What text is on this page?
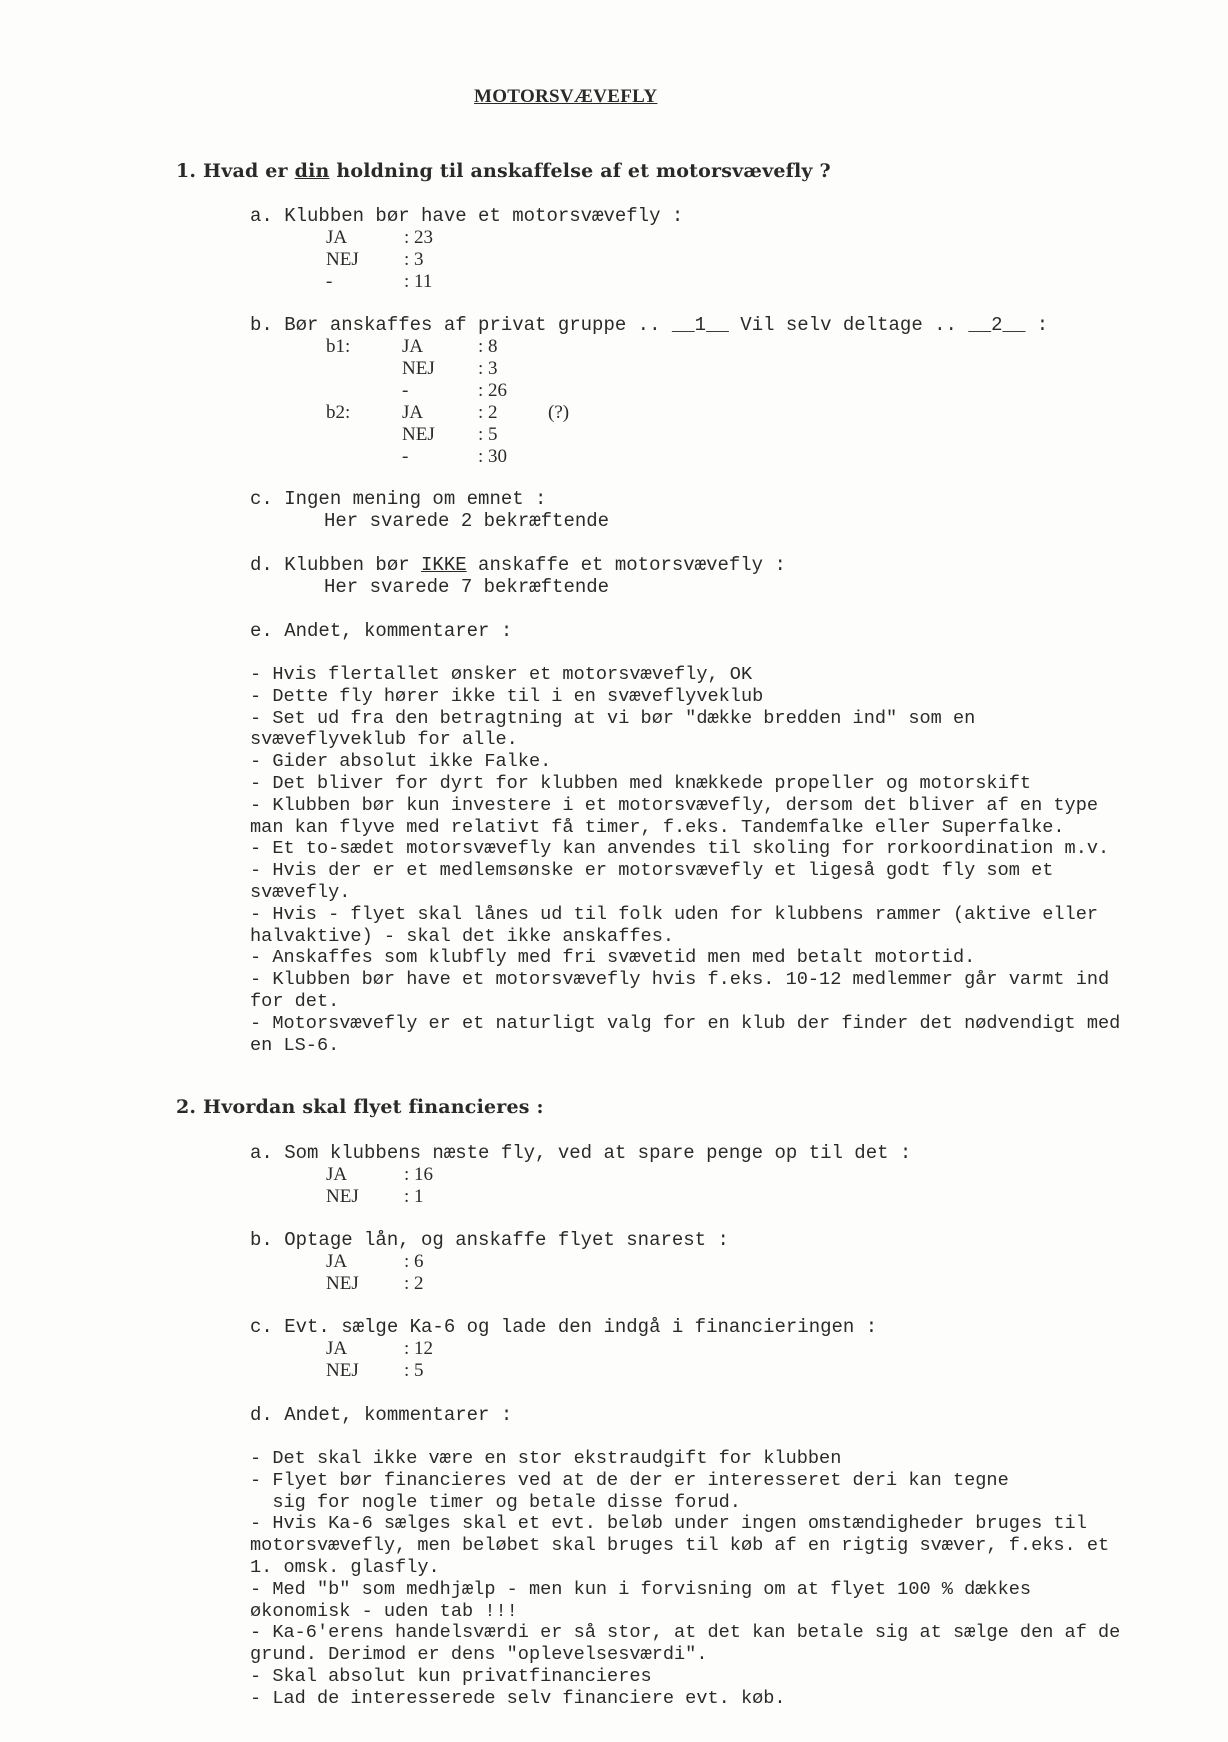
MOTORSVÆVEFLY
1. Hvad er din holdning til anskaffelse af et motorsvævefly ?
a. Klubben bør have et motorsvævefly :
JA	: 23
NEJ : 3
-	: 11
b. Bør anskaffes af privat gruppe .. __1__ Vil selv deltage .. __2__ :
b1:	JA	: 8
NEJ : 3
-	: 26
b2:	JA	: 2	(?)
NEJ : 5
-	: 30
c. Ingen mening om emnet :
Her svarede 2 bekræftende
d. Klubben bør IKKE anskaffe et motorsvævefly :
Her svarede 7 bekræftende
e. Andet, kommentarer :
- Hvis flertallet ønsker et motorsvævefly, OK
- Dette fly hører ikke til i en svæveflyveklub
- Set ud fra den betragtning at vi bør "dække bredden ind" som en
svæveflyveklub for alle.
- Gider absolut ikke Falke.
- Det bliver for dyrt for klubben med knækkede propeller og motorskift
- Klubben bør kun investere i et motorsvævefly, dersom det bliver af en type
man kan flyve med relativt få timer, f.eks. Tandemfalke eller Superfalke.
- Et to-sædet motorsvævefly kan anvendes til skoling for rorkoordination m.v.
- Hvis der er et medlemsønske er motorsvævefly et ligeså godt fly som et
svævefly.
- Hvis - flyet skal lånes ud til folk uden for klubbens rammer (aktive eller
halvaktive) - skal det ikke anskaffes.
- Anskaffes som klubfly med fri svævetid men med betalt motortid.
- Klubben bør have et motorsvævefly hvis f.eks. 10-12 medlemmer går varmt ind
for det.
- Motorsvævefly er et naturligt valg for en klub der finder det nødvendigt med
en LS-6.
2. Hvordan skal flyet financieres :
a. Som klubbens næste fly, ved at spare penge op til det :
JA	: 16
NEJ : 1
b. Optage lån, og anskaffe flyet snarest :
JA	: 6
NEJ : 2
c. Evt. sælge Ka-6 og lade den indgå i financieringen :
JA	: 12
NEJ : 5
d. Andet, kommentarer :
- Det skal ikke være en stor ekstraudgift for klubben
- Flyet bør financieres ved at de der er interesseret deri kan tegne
sig for nogle timer og betale disse forud.
- Hvis Ka-6 sælges skal et evt. beløb under ingen omstændigheder bruges til
motorsvævefly, men beløbet skal bruges til køb af en rigtig svæver, f.eks. et
1. omsk. glasfly.
- Med "b" som medhjælp - men kun i forvisning om at flyet 100 % dækkes
økonomisk - uden tab !!!
- Ka-6'erens handelsværdi er så stor, at det kan betale sig at sælge den af de
grund. Derimod er dens "oplevelsesværdi".
- Skal absolut kun privatfinancieres
- Lad de interesserede selv financiere evt. køb.
